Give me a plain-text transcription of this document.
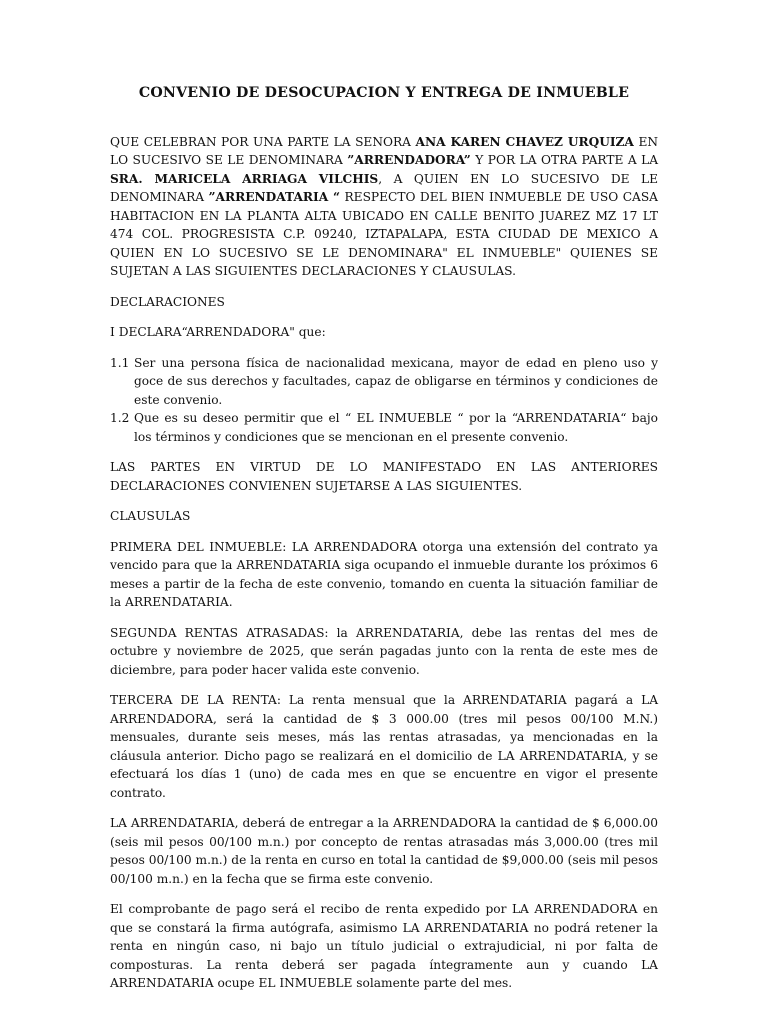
CONVENIO DE DESOCUPACION Y ENTREGA DE INMUEBLE

QUE CELEBRAN POR UNA PARTE LA SENORA ANA KAREN CHAVEZ URQUIZA EN LO SUCESIVO SE LE DENOMINARA ”ARRENDADORA” Y POR LA OTRA PARTE A LA SRA. MARICELA ARRIAGA VILCHIS, A QUIEN EN LO SUCESIVO DE LE DENOMINARA ”ARRENDATARIA “ RESPECTO DEL BIEN INMUEBLE DE USO CASA HABITACION EN LA PLANTA ALTA UBICADO EN CALLE BENITO JUAREZ MZ 17 LT 474 COL. PROGRESISTA C.P. 09240, IZTAPALAPA, ESTA CIUDAD DE MEXICO A QUIEN EN LO SUCESIVO SE LE DENOMINARA" EL INMUEBLE" QUIENES SE SUJETAN A LAS SIGUIENTES DECLARACIONES Y CLAUSULAS.

DECLARACIONES

I DECLARA“ARRENDADORA" que:

1.1 Ser una persona física de nacionalidad mexicana, mayor de edad en pleno uso y goce de sus derechos y facultades, capaz de obligarse en términos y condiciones de este convenio.
1.2 Que es su deseo permitir que el “ EL INMUEBLE “ por la “ARRENDATARIA“ bajo los términos y condiciones que se mencionan en el presente convenio.

LAS PARTES EN VIRTUD DE LO MANIFESTADO EN LAS ANTERIORES DECLARACIONES CONVIENEN SUJETARSE A LAS SIGUIENTES.

CLAUSULAS

PRIMERA DEL INMUEBLE: LA ARRENDADORA otorga una extensión del contrato ya vencido para que la ARRENDATARIA siga ocupando el inmueble durante los próximos 6 meses a partir de la fecha de este convenio, tomando en cuenta la situación familiar de la ARRENDATARIA.

SEGUNDA RENTAS ATRASADAS: la ARRENDATARIA, debe las rentas del mes de octubre y noviembre de 2025, que serán pagadas junto con la renta de este mes de diciembre, para poder hacer valida este convenio.

TERCERA DE LA RENTA: La renta mensual que la ARRENDATARIA pagará a LA ARRENDADORA, será la cantidad de $ 3 000.00 (tres mil pesos 00/100 M.N.) mensuales, durante seis meses, más las rentas atrasadas, ya mencionadas en la cláusula anterior. Dicho pago se realizará en el domicilio de LA ARRENDATARIA, y se efectuará los días 1 (uno) de cada mes en que se encuentre en vigor el presente contrato.

LA ARRENDATARIA, deberá de entregar a la ARRENDADORA la cantidad de $ 6,000.00 (seis mil pesos 00/100 m.n.) por concepto de rentas atrasadas más 3,000.00 (tres mil pesos 00/100 m.n.) de la renta en curso en total la cantidad de $9,000.00 (seis mil pesos 00/100 m.n.) en la fecha que se firma este convenio.

El comprobante de pago será el recibo de renta expedido por LA ARRENDADORA en que se constará la firma autógrafa, asimismo LA ARRENDATARIA no podrá retener la renta en ningún caso, ni bajo un título judicial o extrajudicial, ni por falta de composturas. La renta deberá ser pagada íntegramente aun y cuando LA ARRENDATARIA ocupe EL INMUEBLE solamente parte del mes.
